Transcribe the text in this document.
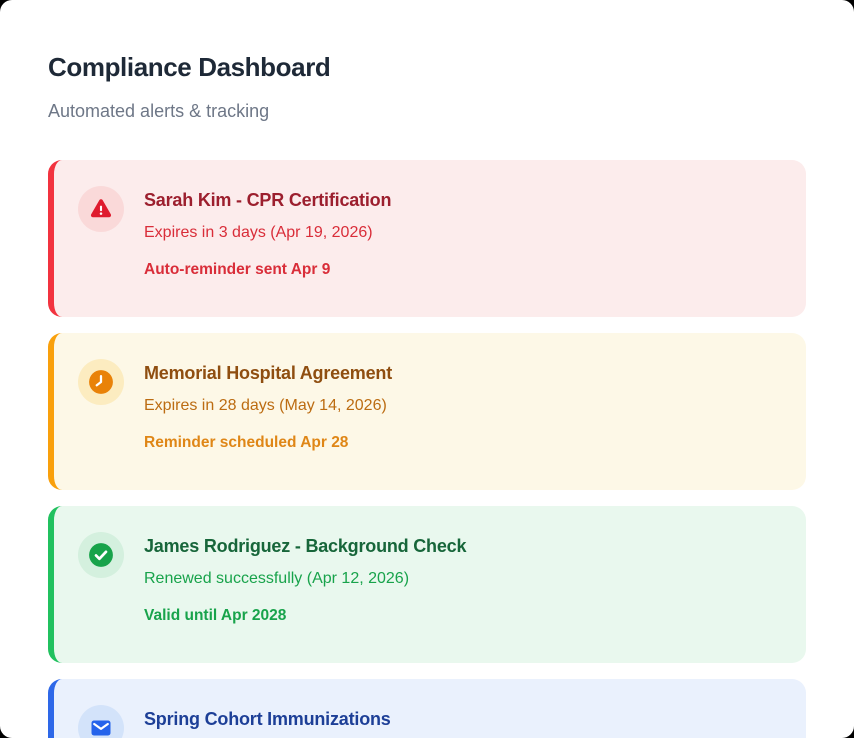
Compliance Dashboard

Automated alerts & tracking

Sarah Kim - CPR Certification
Expires in 3 days (Apr 19, 2026)
Auto-reminder sent Apr 9
Memorial Hospital Agreement
Expires in 28 days (May 14, 2026)
Reminder scheduled Apr 28
James Rodriguez - Background Check
Renewed successfully (Apr 12, 2026)
Valid until Apr 2028
Spring Cohort Immunizations
